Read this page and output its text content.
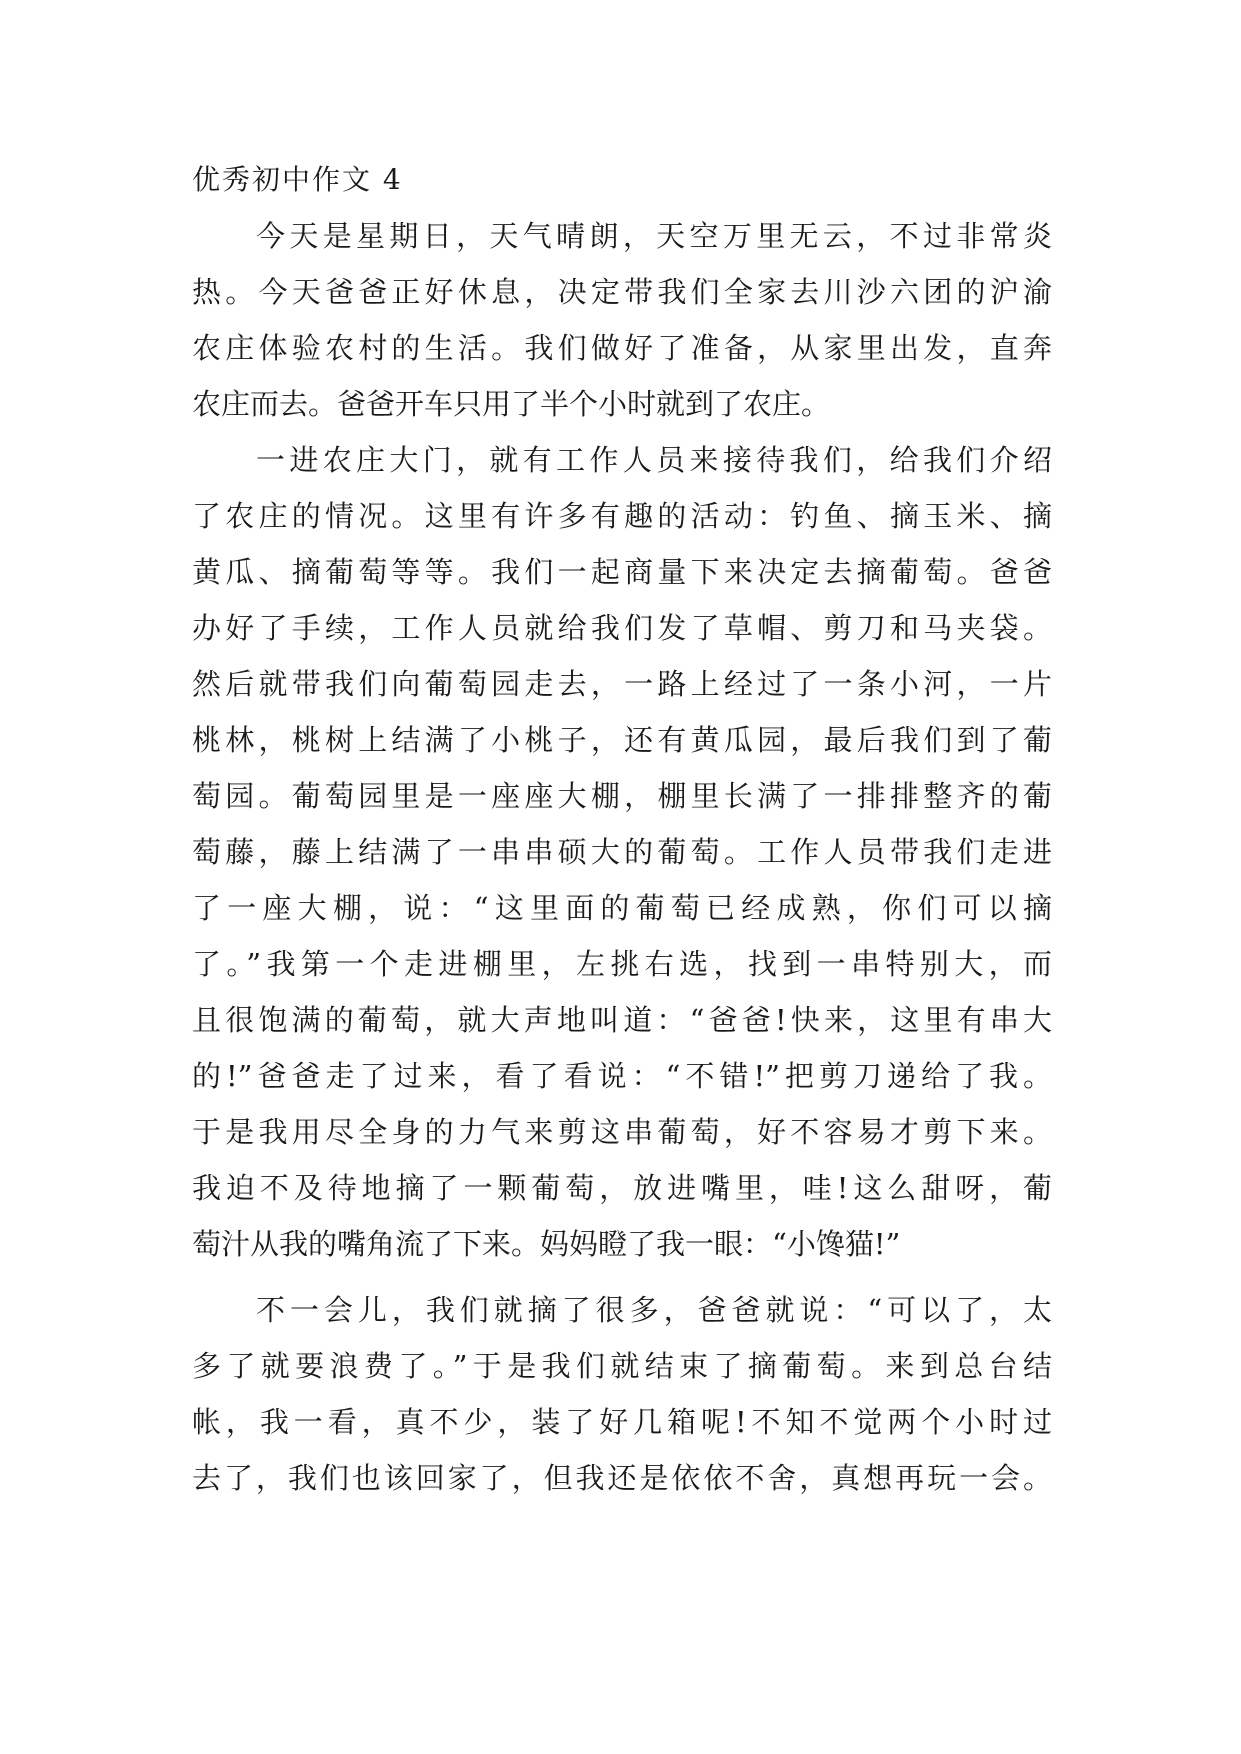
优秀初中作文 4
今天是星期日，天气晴朗，天空万里无云，不过非常炎
热。今天爸爸正好休息，决定带我们全家去川沙六团的沪渝
农庄体验农村的生活。我们做好了准备，从家里出发，直奔
农庄而去。爸爸开车只用了半个小时就到了农庄。
一进农庄大门，就有工作人员来接待我们，给我们介绍
了农庄的情况。这里有许多有趣的活动：钓鱼、摘玉米、摘
黄瓜、摘葡萄等等。我们一起商量下来决定去摘葡萄。爸爸
办好了手续，工作人员就给我们发了草帽、剪刀和马夹袋。
然后就带我们向葡萄园走去，一路上经过了一条小河，一片
桃林，桃树上结满了小桃子，还有黄瓜园，最后我们到了葡
萄园。葡萄园里是一座座大棚，棚里长满了一排排整齐的葡
萄藤，藤上结满了一串串硕大的葡萄。工作人员带我们走进
了一座大棚，说：“这里面的葡萄已经成熟，你们可以摘
了。”我第一个走进棚里，左挑右选，找到一串特别大，而
且很饱满的葡萄，就大声地叫道：“爸爸!快来，这里有串大
的!”爸爸走了过来，看了看说：“不错!”把剪刀递给了我。
于是我用尽全身的力气来剪这串葡萄，好不容易才剪下来。
我迫不及待地摘了一颗葡萄，放进嘴里，哇!这么甜呀，葡
萄汁从我的嘴角流了下来。妈妈瞪了我一眼：“小馋猫!”
不一会儿，我们就摘了很多，爸爸就说：“可以了，太
多了就要浪费了。”于是我们就结束了摘葡萄。来到总台结
帐，我一看，真不少，装了好几箱呢!不知不觉两个小时过
去了，我们也该回家了，但我还是依依不舍，真想再玩一会。
